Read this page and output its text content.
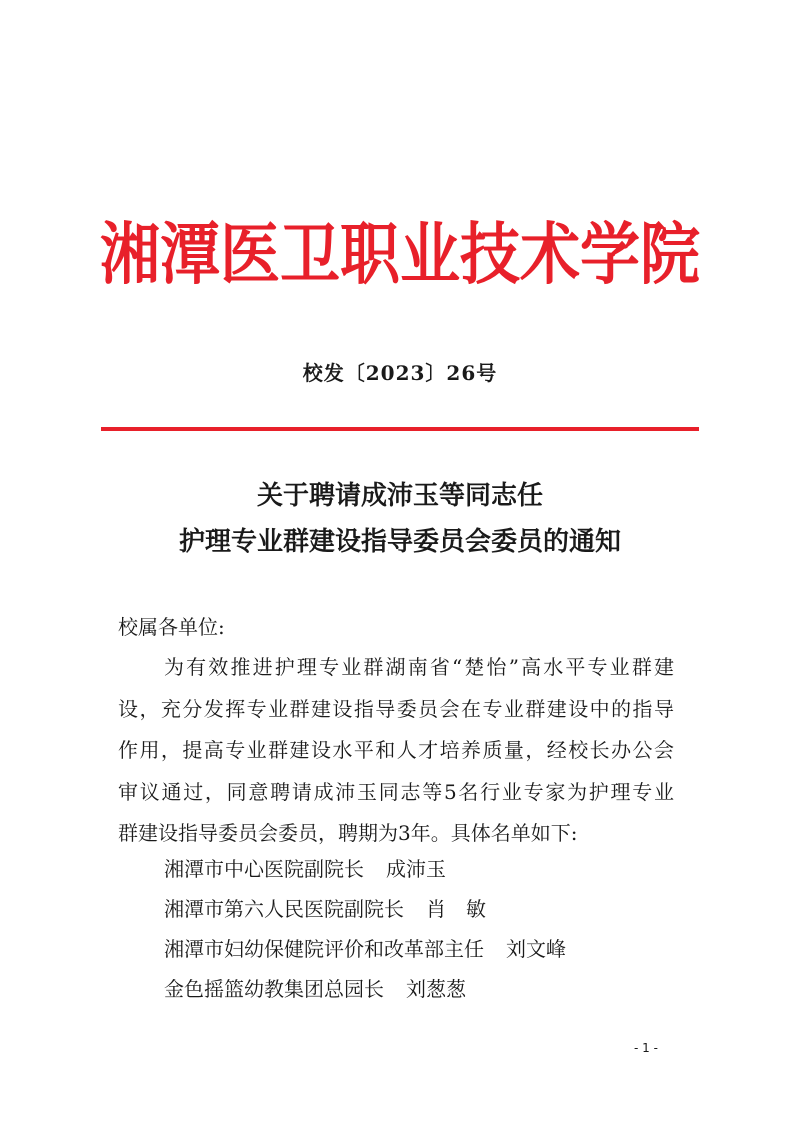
湘潭医卫职业技术学院
校发〔2023〕26号
关于聘请成沛玉等同志任
护理专业群建设指导委员会委员的通知
校属各单位:
为有效推进护理专业群湖南省“楚怡”高水平专业群建
设，充分发挥专业群建设指导委员会在专业群建设中的指导
作用，提高专业群建设水平和人才培养质量，经校长办公会
审议通过，同意聘请成沛玉同志等5名行业专家为护理专业
群建设指导委员会委员，聘期为3年。具体名单如下:
湘潭市中心医院副院长 成沛玉
湘潭市第六人民医院副院长 肖　敏
湘潭市妇幼保健院评价和改革部主任 刘文峰
金色摇篮幼教集团总园长 刘葱葱
- 1 -
